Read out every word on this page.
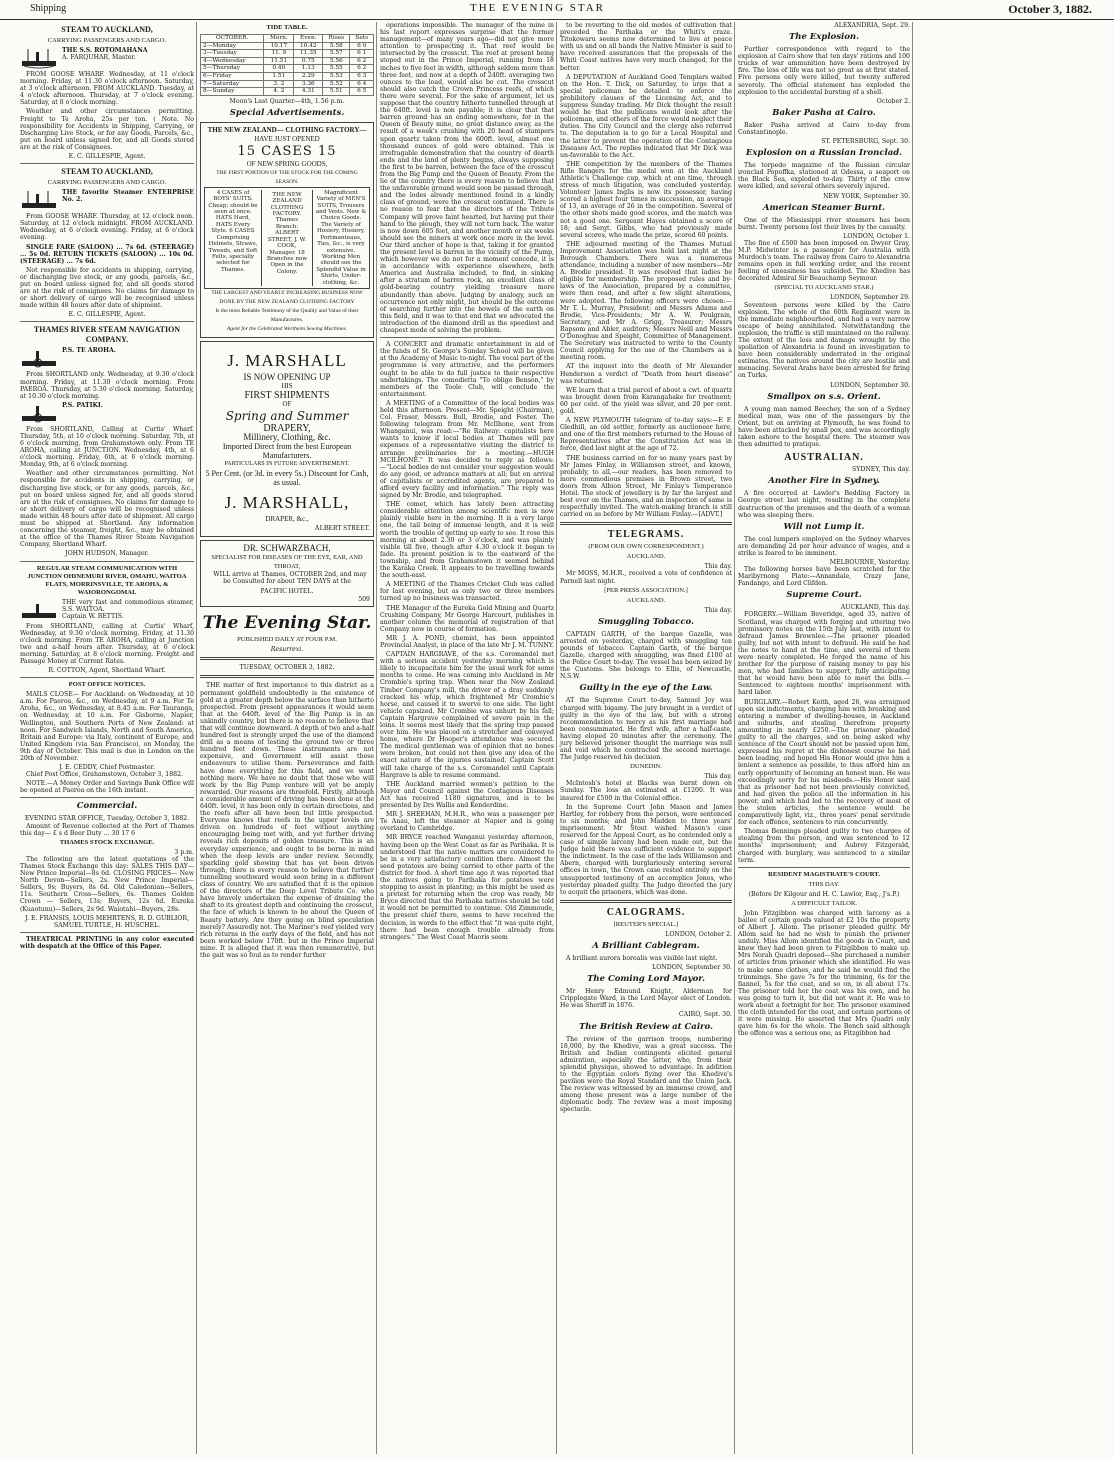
Shipping	THE EVENING STAR	October 3, 1882.
STEAM TO AUCKLAND,
CARRYING PASSENGERS AND CARGO.
THE S.S. ROTOMAHANA
A. FARQUHAR, Master.
FROM GOOSE WHARF. Wednesday, at 11 o'clock morning. Friday, at 11.30 o'clock afternoon. Saturday, at 3 o'clock afternoon. FROM AUCKLAND. Tuesday, at 4 o'clock afternoon. Thursday, at 7 o'clock evening. Saturday, at 8 o'clock morning.
Weather and other circumstances permitting. Freight to Te Aroha, 25s per ton. ( Note. No responsibility for Accidents in Shipping, Carrying, or Discharging Live Stock, or for any Goods, Parcels, &c., put on board unless signed for, and all Goods stored are at the risk of Consignees.
E. C. GILLESPIE, Agent.
STEAM TO AUCKLAND,
CARRYING PASSENGERS AND CARGO.
THE favorite Steamer ENTERPRISE No. 2.
From GOOSE WHARF. Thursday, at 12 o'clock noon. Saturday, at 12 o'clock midnight. FROM AUCKLAND. Wednesday, at 6 o'clock evening. Friday, at 6 o'clock evening.
SINGLE FARE (SALOON) ... 7s 6d. (STEERAGE) ... 5s 0d. RETURN TICKETS (SALOON) ... 10s 0d. (STEERAGE) ... 7s 6d.
Not responsible for accidents in shipping, carrying, or discharging live stock, or any goods, parcels, &c., put on board unless signed for, and all goods stored are at the risk of consignees. No claims for damage to or short delivery of cargo will be recognised unless made within 48 hours after date of shipment.
E. C. GILLESPIE, Agent.
THAMES RIVER STEAM NAVIGATION COMPANY.
P.S. TE AROHA.
From SHORTLAND only. Wednesday, at 9.30 o'clock morning. Friday, at 11.30 o'clock morning. From PAEROA. Thursday, at 5.30 o'clock morning. Saturday, at 10.30 o'clock morning.
P.S. PATIKI.
From SHORTLAND, Calling at Curtis' Wharf. Thursday, 5th, at 10 o'clock morning. Saturday, 7th, at 6 o'clock morning, from Grahamstown only. From TE AROHA, calling at JUNCTION. Wednesday, 4th, at 6 o'clock morning. Friday, 6th, at 6 o'clock morning. Monday, 9th, at 6 o'clock morning.
Weather and other circumstances permitting. Not responsible for accidents in shipping, carrying, or discharging live stock, or for any goods, parcels, &c., put on board unless signed for, and all goods stored are at the risk of consignees. No claims for damage to or short delivery of cargo will be recognised unless made within 48 hours after date of shipment. All cargo must be shipped at Shortland. Any information concerning the steamer, freight, &c., may be obtained at the office of the Thames River Steam Navigation Company, Shortland Wharf.
JOHN HUDSON, Manager.
REGULAR STEAM COMMUNICATION WITH JUNCTION OHINEMURI RIVER, OMAHU, WAITOA FLATS, MORRINSVILLE, TE AROHA, & WAIORONGOMAI.
THE very fast and commodious steamer, S.S. WAITOA.
Captain W. BETTIS.
From SHORTLAND, calling at Curtis' Wharf, Wednesday, at 9.30 o'clock morning. Friday, at 11.30 o'clock morning. From TE AROHA, calling at Junction two and a-half hours after. Thursday, at 6 o'clock morning. Saturday, at 8 o'clock morning. Freight and Passage Money at Current Rates.
R. COTTON, Agent, Shortland Wharf.
POST OFFICE NOTICES.
MAILS CLOSE— For Auckland: on Wednesday, at 10 a.m. For Paeroa, &c., on Wednesday, at 9 a.m. For Te Aroha, &c., on Wednesday, at 8.45 a.m. For Tauranga, on Wednesday, at 10 a.m. For Gisborne, Napier, Wellington, and Southern Ports of New Zealand: at noon. For Sandwich Islands, North and South America, Britain and Europe: via Italy, continent of Europe, and United Kingdom (via San Francisco), on Monday, the 9th day of October. This mail is due in London on the 20th of November.
J. E. CEDDY, Chief Postmaster.
Chief Post Office, Grahamstown, October 3, 1882.
NOTE.—A Money Order and Savings Bank Office will be opened at Paeroa on the 16th instant.
Commercial.
EVENING STAR OFFICE, Tuesday, October 3, 1882.
Amount of Revenue collected at the Port of Thames this day— £ s d Beer Duty ... 30 17 6
THAMES STOCK EXCHANGE.
3 p.m.
The following are the latest quotations of the Thames Stock Exchange this day: SALES THIS DAY— New Prince Imperial—8s 6d. CLOSING PRICES— New North Devon—Sellers, 2s. New Prince Imperial—Sellers, 9s; Buyers, 8s 6d. Old Caledonian—Sellers, 11s. Southern Cross—Sellers, 6s. Thames Golden Crown — Sellers, 13s; Buyers, 12s 6d. Eureka (Kuaotunu)—Sellers, 2s 9d. Waiotahi—Buyers, 28s.
J. E. FRANSIS, LOUIS MEHRTENS, R. D. GUBLIOR, SAMUEL TURTLE, H. HUSCHEL.
THEATRICAL PRINTING in any color executed with despatch at the Office of this Paper.
TIDE TABLE.
OCTOBER.	Morn.	Even.	Rises	Sets
2—Monday	10.17	10.42	5.58	6 0
3—Tuesday	11. 9	11.35	5.57	6 1
4—Wednesday	11.51	0.75	5.56	6 2
5—Thursday	0.40	1.13	5.55	6 2
6—Friday	1.51	2.29	5.53	6 3
7—Saturday	3. 2	3.36	5.52	6 4
8—Sunday	4. 2	4.31	5.51	6 5
Moon's Last Quarter—4th, 1.56 p.m.
Special Advertisements.
THE NEW ZEALAND— CLOTHING FACTORY—
HAVE JUST OPENED
15 CASES 15
OF NEW SPRING GOODS,
THE FIRST PORTION OF THE STOCK FOR THE COMING SEASON.
4 CASES of BOYS' SUITS. Cheap; should be seen at once. HATS Hard, HATS Every Style. 6 CASES Comprising Helmets, Straws, Tweeds, and Soft Felts, specially selected for Thames.
THE NEW ZEALAND CLOTHING FACTORY. Thames Branch: ALBERT STREET, J. W. COOK, Manager. 18 Branches now Open in the Colony.
Magnificent Variety of MEN'S SUITS, Trousers and Vests. New & Choice Goods. The Variety of Hosiery, Hosiery, Portmanteaus, Ties, &c., is very extensive. Working Men should see the Splendid Value in Shirts, Under-clothing, &c.
THE LARGEST AND YEARLY INCREASING BUSINESS NOW DONE BY THE NEW ZEALAND CLOTHING FACTORY
Is the most Reliable Testimony of the Quality and Value of their Manufactures.
Agent for the Celebrated Wertheim Sewing Machines.
J. MARSHALL
IS NOW OPENING UP
HIS
FIRST SHIPMENTS
OF
Spring and Summer
DRAPERY,
Millinery, Clothing, &c.
Imported Direct from the best European Manufacturers.
PARTICULARS IN FUTURE ADVERTISEMENT.
5 Per Cent. (or 3d. in every 5s.) Discount for Cash, as usual.
J. MARSHALL,
DRAPER, &c.,
ALBERT STREET.
DR. SCHWARZBACH,
SPECIALIST FOR DISEASES OF THE EYE, EAR, AND THROAT,
WILL arrive at Thames, OCTOBER 2nd, and may be Consulted for about TEN DAYS at the
PACIFIC HOTEL.
509
The Evening Star.
PUBLISHED DAILY AT FOUR P.M.
Resurrexi.
TUESDAY, OCTOBER 3, 1882.
THE matter of first importance to this district as a permanent goldfield undoubtedly is the existence of gold at a greater depth below the surface than hitherto prospected. From present appearances it would seem that at the 640ft. level of the Big Pump is in an unkindly country, but there is no reason to believe that that will continue downward. A depth of two and a-half hundred feet is strongly urged the use of the diamond drill as a means of testing the ground two or three hundred feet down. These instruments are not expensive, and Government will assist these endeavours to utilise them. Perseverance and faith have done everything for this field, and we want nothing more. We have no doubt that those who will work by the Big Pump venture will yet be amply rewarded. Our reasons are threefold. Firstly, although a considerable amount of driving has been done at the 640ft. level, it has been only in certain directions, and the reefs after all have been but little prospected. Everyone knows that reefs in the upper levels are driven on hundreds of feet without anything encouraging being met with, and yet further driving reveals rich deposits of golden treasure. This is an everyday experience, and ought to be borne in mind when the deep levels are under review. Secondly, sparkling gold showing that has yet been driven through, there is every reason to believe that further tunnelling southward would soon bring in a different class of country. We are satisfied that it is the opinion of the directors of the Deep Level Tribute Co. who have bravely undertaken the expense of draining the shaft to its greatest depth and continuing the crosscut, the face of which is known to be about the Queen of Beauty battery. Are they going on blind speculation merely? Assuredly not. The Mariner's reef yielded very rich returns in the early days of the field, and has not been worked below 170ft. but in the Prince Imperial mine. It is alleged that it was then remunerative, but the gait was so foul as to render further
operations impossible. The manager of the mine in his last report expresses surprise that the former management—of many years ago—did not give more attention to prospecting it. That reef would be intersected by the crosscut. The reef at present being stoped out in the Prince Imperial, running from 18 inches to five feet in width, although seldom more than three feet, and now at a depth of 240ft. averaging two ounces to the load, would also be cut. The crosscut should also catch the Crown Princess reefs, of which there were several. For the sake of argument, let us suppose that the country hitherto tunnelled through at the 640ft. level is non payable; it is clear that that barren ground has an ending somewhere, for in the Queen of Beauty mine, no great distance away, as the result of a week's crushing with 20 head of stampers upon quartz taken from the 600ft. level, almost one thousand ounces of gold were obtained. This is irrefragable demonstration that the country of dearth ends and the land of plenty begins, always supposing the first to be barren, between the face of the crosscut from the Big Pump and the Queen of Beauty. From the lie of the country there is every reason to believe that the unfavorable ground would soon be passed through, and the lodes already mentioned found in a kindly class of ground, were the crosscut continued. There is no reason to fear that the directors of the Tribute Company will prove faint hearted, but having put their hand to the plough, they will not turn back. The water is now down 605 feet, and another month or six weeks should see the miners at work once more in the level. Our third anchor of hope is that, taking it for granted the present level is barren in the vicinity of the Pump, which however we do not for a moment concede, it is in accordance with experience elsewhere, both America and Australia included, to find, in sinking after a stratum of barren rock, an excellent class of gold-bearing country yielding treasure more abundantly than above. Judging by analogy, such an occurrence not only might, but should be the outcome of searching further into the bowels of the earth on this field, and it was to that end that we advocated the introduction of the diamond drill as the speediest and cheapest mode of solving the problem.
A CONCERT and dramatic entertainment in aid of the funds of St. George's Sunday School will be given at the Academy of Music to-night. The vocal part of the programme is very attractive, and the performers ought to be able to do full justice to their respective undertakings. The comedietta "To oblige Benson," by members of the Toole Club, will conclude the entertainment.
A MEETING of a Committee of the local bodies was held this afternoon. Present—Mr. Speight (Chairman), Col. Fraser, Messrs. Bull, Brodie, and Foster. The following telegram from Mr. McIlhone, sent from Whanganui, was read:—"Re Railway: capitalists here wants to know if local bodies at Thames will pay expenses of a representative visiting the district to arrange preliminaries for a meeting.—HUGH MCILHONE." It was decided to reply as follows:—"Local bodies do not consider your suggestion would do any good, or advance matters at all; but on arrival of capitalists or accredited agents, are prepared to afford every facility and information." The reply was signed by Mr. Brodie, and telegraphed.
THE comet, which has lately been attracting considerable attention among scientific men is now plainly visible here in the morning. It is a very large one, the tail being of immense length, and it is well worth the trouble of getting up early to see. It rose this morning at about 2.30 or 3 o'clock, and was plainly visible till five, though after 4.30 o'clock it began to fade. Its present position is to the eastward of the township, and from Grahamstown it seemed behind the Karaka Creek. It appears to be travelling towards the south-east.
A MEETING of the Thames Cricket Club was called for last evening, but as only two or three members turned up no business was transacted.
THE Manager of the Eureka Gold Mining and Quartz Crushing Company, Mr George Harcourt, publishes in another column the memorial of registration of that Company now in course of formation.
MR J. A. POND, chemist, has been appointed Provincial Analyst, in place of the late Mr J. M. TUNNY.
CAPTAIN HARGRAVE, of the s.s. Coromandel met with a serious accident yesterday morning which is likely to incapacitate him for the usual work for some months to come. He was coming into Auckland in Mr Crombie's spring trap. When near the New Zealand Timber Company's mill, the driver of a dray suddenly cracked his whip, which frightened Mr Crombie's horse, and caused it to swerve to one side. The light vehicle capsized. Mr Crombie was unhurt by his fall; Captain Hargrave complained of severe pain in the loins. It seems most likely that the spring trap passed over him. He was placed on a stretcher and conveyed home, where Dr Hooper's attendance was secured. The medical gentleman was of opinion that no bones were broken, but could not then give any idea of the exact nature of the injuries sustained. Captain Scott will take charge of the s.s. Coromandel until Captain Hargrave is able to resume command.
THE Auckland married women's petition to the Mayor and Council against the Contagious Diseases Act has received 1180 signatures, and is to be presented by Drs Wallis and Kenderdine.
MR J. SHEEHAN, M.H.R., who was a passenger per Te Anau, left the steamer at Napier and is going overland to Cambridge.
MR BRYCE reached Wanganui yesterday afternoon, having been up the West Coast as far as Parihaka. It is understood that the native matters are considered to be in a very satisfactory condition there. Almost the seed potatoes are being carried to other parts of the district for food. A short time ago it was reported that the natives going to Parihaka for potatoes were stopping to assist in planting; as this might be used as a pretext for returning when the crop was ready, Mr Bryce directed that the Parihaka natives should be told it would not be permitted to continue. Old Zimmoude, the present chief there, seems to have received the decision, in words to the effect that "it was quite right, there had been enough trouble already from strangers." The West Coast Maoris seem
to be reverting to the old modes of cultivation that preceded the Parihaka or the Whiti's craze. Titokowaru seems now determined to live at peace with us and on all hands the Native Minister is said to have received assurances that the proposals of the Whiti Coast natives have very much changed, for the better.
A DEPUTATION of Auckland Good Templars waited on the Hon. T. Dick, on Saturday, to urge that a special policeman be detailed to enforce the prohibitory clauses of the Licensing Act, and to suppress Sunday trading. Mr Dick thought the result would be that the publicans would look after the policeman, and others of the force would neglect their duties. The City Council and the clergy also referred to. The deputation is to go for a Local Hospital and the latter to prevent the operation of the Contagious Diseases Act. The replies indicated that Mr Dick was un-favorable to the Act.
THE competition by the members of the Thames Rifle Rangers for the medal won at the Auckland Athletic's Challenge cup, which at one time, through stress of much litigation, was concluded yesterday. Volunteer James Inglis is now its possessor, having scored a highest four times in succession, an average of 13, an average of 26 in the competition. Several of the other shots made good scores, and the match was not a good one. Sergeant Hayes obtained a score of 18; and Sergt. Gibbs, who had previously made several scores, who made the prize, scored 60 points.
THE adjourned meeting of the Thames Mutual Improvement Association was held last night at the Borough Chambers. There was a numerous attendance, including a number of new members—Mr A. Brodie presided. It was resolved that ladies be eligible for membership. The proposed rules and by-laws of the Association, prepared by a committee, were then read, and after a few slight alterations, were adopted. The following officers were chosen:—Mr T. L. Murray, President; and Messrs Adams and Brodie, Vice-Presidents; Mr A. W. Poulgrain, Secretary, and Mr A. Grigg, Treasurer; Messrs Rapsom and Abler, auditors; Messrs Neill and Messrs O'Donoghue and Speight, Committee of Management. The Secretary was instructed to write to the County Council applying for the use of the Chambers as a meeting room.
AT the inquest into the death of Mr Alexander Henderson a verdict of "Death from heart disease" was returned.
WE learn that a trial parcel of about a cwt. of quartz was brought down from Karangahake for treatment; 60 per cent. of the yield was silver, and 20 per cent. gold.
A NEW PLYMOUTH telegram of to-day says:—F. F. Gledhill, an old settler, formerly an auctioneer here, and one of the first members returned to the House of Representatives after the Constitution Act was in force, died last night at the age of 72.
THE business carried on for so many years past by Mr James Finlay, in Williamson street, and known, probably, to all,—our readers, has been removed to more commodious premises in Brown street, two doors from Albion Street, Mr Finlay's Temperance Hotel. The stock of jewellery is by far the largest and best ever on the Thames, and an inspection of same is respectfully invited. The watch-making branch is still carried on as before by Mr William Finlay.—[ADVT.]
TELEGRAMS.
(FROM OUR OWN CORRESPONDENT.)
AUCKLAND.
This day.
Mr MOSS, M.H.R., received a vote of confidence at Parnell last night.
[PER PRESS ASSOCIATION.]
AUCKLAND.
This day.
Smuggling Tobacco.
CAPTAIN GARTH, of the barque Gazelle, was arrested on yesterday, charged with smuggling ten pounds of tobacco. Captain Garth, of the barque Gazelle, charged with smuggling, was fined £100 at the Police Court to-day. The vessel has been seized by the Customs. She belongs to Ellis, of Newcastle, N.S.W.
Guilty in the eye of the Law.
AT the Supreme Court to-day, Samuel Joy was charged with bigamy. The jury brought in a verdict of guilty in the eye of the law, but with a strong recommendation to mercy as his first marriage had been consummated. He first wife, after a half-caste, having eloped 20 minutes after the ceremony. The jury believed prisoner thought the marriage was null and void which he contracted the second marriage. The Judge reserved his decision.
DUNEDIN.
This day.
McIntosh's hotel at Blacks was burnt down on Sunday. The loss an estimated at £1200. It was insured for £500 in the Colonial office.
In the Supreme Court John Mason and James Hartley, for robbery from the person, were sentenced to six months; and John Madden to three years' imprisonment. Mr Stout wished Mason's case reserved for the Appeal Court, as he contended only a case of simple larceny had been made out, but the Judge held there was sufficient evidence to support the indictment. In the case of the lads Williamson and Abern, charged with burglariously entering several offices in town, the Crown case rested entirely on the unsupported testimony of an accomplice Jones, who yesterday pleaded guilty. The Judge directed the jury to acquit the prisoners, which was done.
CALOGRAMS.
[REUTER'S SPECIAL.]
LONDON, October 2.
A Brilliant Cablegram.
A brilliant aurora borealis was visible last night.
LONDON, September 30.
The Coming Lord Mayor.
Mr Henry Edmund Knight, Alderman for Cripplegate Ward, is the Lord Mayor elect of London. He was Sheriff in 1876.
CAIRO, Sept. 30.
The British Review at Cairo.
The review of the garrison troops, numbering 18,000, by the Khedive, was a great success. The British and Indian contingents elicited general admiration, especially the latter, who, from their splendid physique, showed to advantage. In addition to the Egyptian colors flying over the Khedive's pavilion were the Royal Standard and the Union Jack. The review was witnessed by an immense crowd, and among those present was a large number of the diplomatic body. The review was a most imposing spectacle.
ALEXANDRIA, Sept. 29.
The Explosion.
Further correspondence with regard to the explosion at Cairo show that ten days' rations and 100 trucks of war ammunition have been destroyed by fire. The loss of life was not so great as at first stated. Five persons only were killed, but twenty suffered severely. The official statement has exploded the explosion to the accidental bursting of a shell.
October 2.
Baker Pasha at Cairo.
Baker Pasha arrived at Cairo to-day from Constantinople.
ST. PETERSBURG, Sept. 30.
Explosion on a Russian Ironclad.
The torpedo magazine of the Russian circular ironclad Popoffka, stationed at Odessa, a seaport on the Black Sea, exploded to-day. Thirty of the crew were killed, and several others severely injured.
NEW YORK, September 30.
American Steamer Burnt.
One of the Mississippi river steamers has been burnt. Twenty persons lost their lives by the casualty.
LONDON, October 1.
The fine of £500 has been imposed on Dwyer Gray, M.P. Midwinter is a passenger for Australia with Murdoch's team. The railway from Cairo to Alexandria remains open in full working order, and the recent feeling of uneasiness has subsided. The Khedive has decorated Admiral Sir Beauchamp Seymour.
(SPECIAL TO AUCKLAND STAR.)
LONDON, September 29.
Seventeen persons were killed by the Cairo explosion. The whole of the 60th Regiment were in the immediate neighbourhood, and had a very narrow escape of being annihilated. Notwithstanding the explosion, the traffic is still maintained on the railway. The extent of the loss and damage wrought by the spoliation of Alexandria is found on investigation to have been considerably underrated in the original estimates. The natives around the city are hostile and menacing. Several Arabs have been arrested for firing on Turks.
LONDON, September 30.
Smallpox on s.s. Orient.
A young man named Beechey, the son of a Sydney medical man, was one of the passengers by the Orient, but on arriving at Plymouth, he was found to have been attacked by small pox, and was accordingly taken ashore to the hospital there. The steamer was then admitted to pratique.
AUSTRALIAN.
SYDNEY, This day.
Another Fire in Sydney.
A fire occurred at Lawler's Bedding Factory in George street last night, resulting in the complete destruction of the premises and the death of a woman who was sleeping there.
Will not Lump it.
The coal lumpers employed on the Sydney wharves are demanding 2d per hour advance of wages, and a strike is feared to be imminent.
MELBOURNE, Yesterday.
The following horses have been scratched for the Maribyrnong Plate:—Annandale, Crazy Jane, Fandango, and Lord Clifden.
Supreme Court.
AUCKLAND, This day.
FORGERY.—William Beveridge, aged 35, native of Scotland, was charged with forging and uttering two promissory notes on the 15th July last, with intent to defraud James Brownlee.—The prisoner pleaded guilty, but not with intent to defraud. He said he had the notes to hand at the time, and several of them were nearly completed. He forged the name of his brother for the purpose of raising money to pay his men, who had families to support, fully anticipating that he would have been able to meet the bills.—Sentenced to eighteen months' imprisonment with hard labor.
BURGLARY.—Robert Keith, aged 26, was arraigned upon six indictments, charging him with breaking and entering a number of dwelling-houses, in Auckland and suburbs, and stealing therefrom property amounting in nearly £250.—The prisoner pleaded guilty to all the charges, and on being asked why sentence of the Court should not be passed upon him, expressed his regret at the dishonest course he had been leading, and hoped His Honor would give him a lenient a sentence as possible, to thus afford him an early opportunity of becoming an honest man. He was exceedingly sorry for his misdeeds.—His Honor said that as prisoner had not been previously convicted, and had given the police all the information in his power, and which had led to the recovery of most of the stolen articles, the sentence would be comparatively light, viz., three years' penal servitude for each offence, sentences to run concurrently.
Thomas Bennings pleaded guilty to two charges of stealing from the person, and was sentenced to 12 months' imprisonment; and Aubrey Fitzgerald, charged with burglary, was sentenced to a similar term.
RESIDENT MAGISTRATE'S COURT.
THIS DAY.
(Before Dr Kilgour and H. C. Lawlor, Esq., J's.P.)
A DIFFICULT TAILOR.
John Fitzgibbon was charged with larceny as a bailee of certain goods valued at £2 10s the property of Albert J. Allom. The prisoner pleaded guilty. Mr Allom said he had no wish to punish the prisoner unduly. Miss Allom identified the goods in Court, and knew they had been given to Fitzgibbon to make up. Mrs Norah Quadri deposed—She purchased a number of articles from prisoner which she identified. He was to make some clothes, and he said he would find the trimmings. She gave 7s for the trimming, 6s for the flannel, 5s for the coat, and so on, in all about 17s. The prisoner told her the coat was his own, and he was going to turn it, but did not want it. He was to work about a fortnight for her. The prisoner examined the cloth intended for the coat, and certain portions of it were missing. He asserted that Mrs Quadri only gave him 6s for the whole. The Bench said although the offence was a serious one, as Fitzgibbon had
